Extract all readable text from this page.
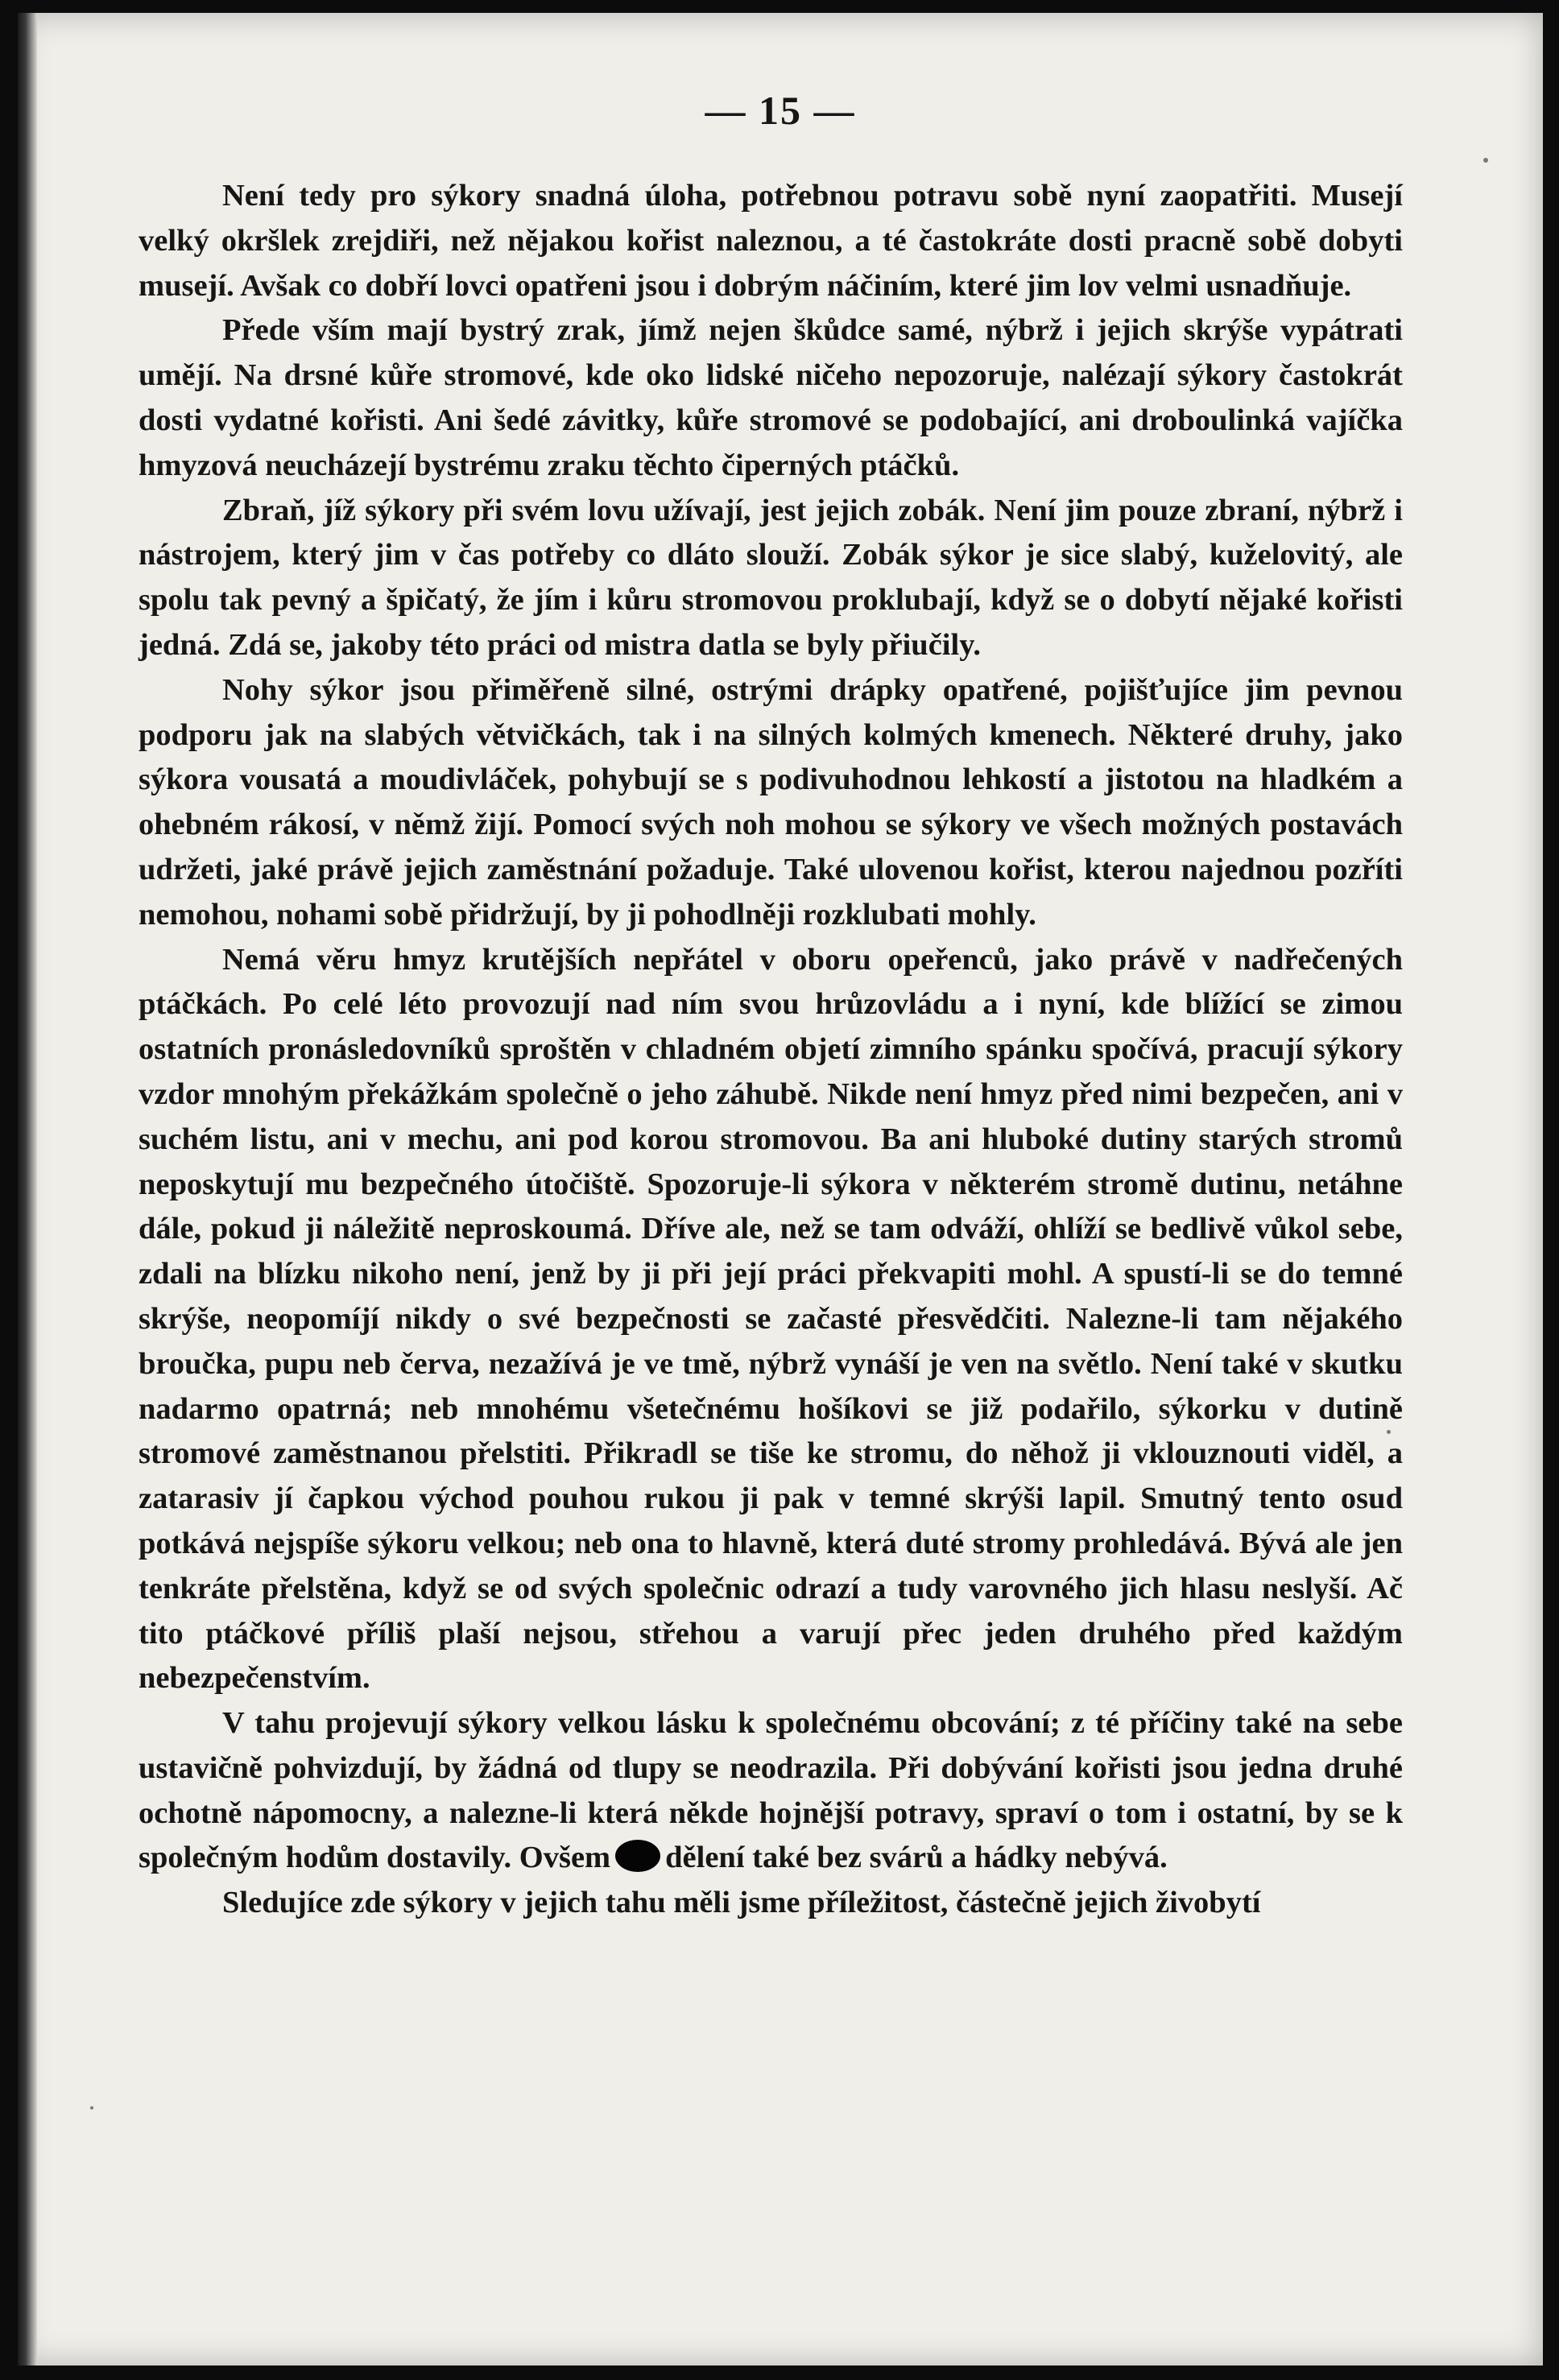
— 15 —

Není tedy pro sýkory snadná úloha, potřebnou potravu sobě nyní zaopatřiti. Musejí velký okršlek zrejdiři, než nějakou kořist naleznou, a té častokráte dosti pracně sobě dobyti musejí. Avšak co dobří lovci opatřeni jsou i dobrým náčiním, které jim lov velmi usnadňuje.

Přede vším mají bystrý zrak, jímž nejen škůdce samé, nýbrž i jejich skrýše vypátrati umějí. Na drsné kůře stromové, kde oko lidské ničeho nepozoruje, nalézají sýkory častokrát dosti vydatné kořisti. Ani šedé závitky, kůře stromové se podobající, ani droboulinká vajíčka hmyzová neucházejí bystrému zraku těchto čiperných ptáčků.

Zbraň, jíž sýkory při svém lovu užívají, jest jejich zobák. Není jim pouze zbraní, nýbrž i nástrojem, který jim v čas potřeby co dláto slouží. Zobák sýkor je sice slabý, kuželovitý, ale spolu tak pevný a špičatý, že jím i kůru stromovou proklubají, když se o dobytí nějaké kořisti jedná. Zdá se, jakoby této práci od mistra datla se byly přiučily.

Nohy sýkor jsou přiměřeně silné, ostrými drápky opatřené, pojišťujíce jim pevnou podporu jak na slabých větvičkách, tak i na silných kolmých kmenech. Některé druhy, jako sýkora vousatá a moudivláček, pohybují se s podivuhodnou lehkostí a jistotou na hladkém a ohebném rákosí, v němž žijí. Pomocí svých noh mohou se sýkory ve všech možných postavách udržeti, jaké právě jejich zaměstnání požaduje. Také ulovenou kořist, kterou najednou pozříti nemohou, nohami sobě přidržují, by ji pohodlněji rozklubati mohly.

Nemá věru hmyz krutějších nepřátel v oboru opeřenců, jako právě v nadřečených ptáčkách. Po celé léto provozují nad ním svou hrůzovládu a i nyní, kde blížící se zimou ostatních pronásledovníků sproštěn v chladném objetí zimního spánku spočívá, pracují sýkory vzdor mnohým překážkám společně o jeho záhubě. Nikde není hmyz před nimi bezpečen, ani v suchém listu, ani v mechu, ani pod korou stromovou. Ba ani hluboké dutiny starých stromů neposkytují mu bezpečného útočiště. Spozoruje-li sýkora v některém stromě dutinu, netáhne dále, pokud ji náležitě neproskoumá. Dříve ale, než se tam odváží, ohlíží se bedlivě vůkol sebe, zdali na blízku nikoho není, jenž by ji při její práci překvapiti mohl. A spustí-li se do temné skrýše, neopomíjí nikdy o své bezpečnosti se začasté přesvědčiti. Nalezne-li tam nějakého broučka, pupu neb červa, nezažívá je ve tmě, nýbrž vynáší je ven na světlo. Není také v skutku nadarmo opatrná; neb mnohému všetečnému hošíkovi se již podařilo, sýkorku v dutině stromové zaměstnanou přelstiti. Přikradl se tiše ke stromu, do něhož ji vklouznouti viděl, a zatarasiv jí čapkou východ pouhou rukou ji pak v temné skrýši lapil. Smutný tento osud potkává nejspíše sýkoru velkou; neb ona to hlavně, která duté stromy prohledává. Bývá ale jen tenkráte přelstěna, když se od svých společnic odrazí a tudy varovného jich hlasu neslyší. Ač tito ptáčkové příliš plaší nejsou, střehou a varují přec jeden druhého před každým nebezpečenstvím.

V tahu projevují sýkory velkou lásku k společnému obcování; z té příčiny také na sebe ustavičně pohvizdují, by žádná od tlupy se neodrazila. Při dobývání kořisti jsou jedna druhé ochotně nápomocny, a nalezne-li která někde hojnější potravy, spraví o tom i ostatní, by se k společným hodům dostavily. Ovšem dělení také bez svárů a hádky nebývá.

Sledujíce zde sýkory v jejich tahu měli jsme příležitost, částečně jejich živobytí
